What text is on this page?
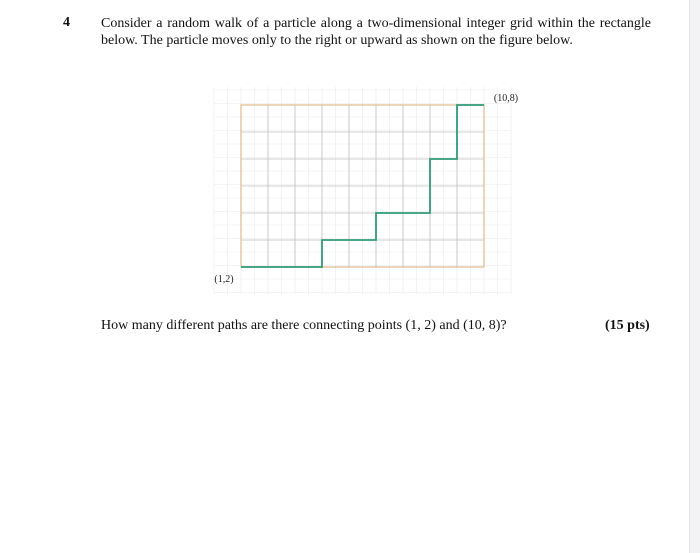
4 Consider a random walk of a particle along a two-dimensional integer grid within the rectangle below. The particle moves only to the right or upward as shown on the figure below.
(1,2)
(10,8)
How many different paths are there connecting points (1, 2) and (10, 8)?	(15 pts)
